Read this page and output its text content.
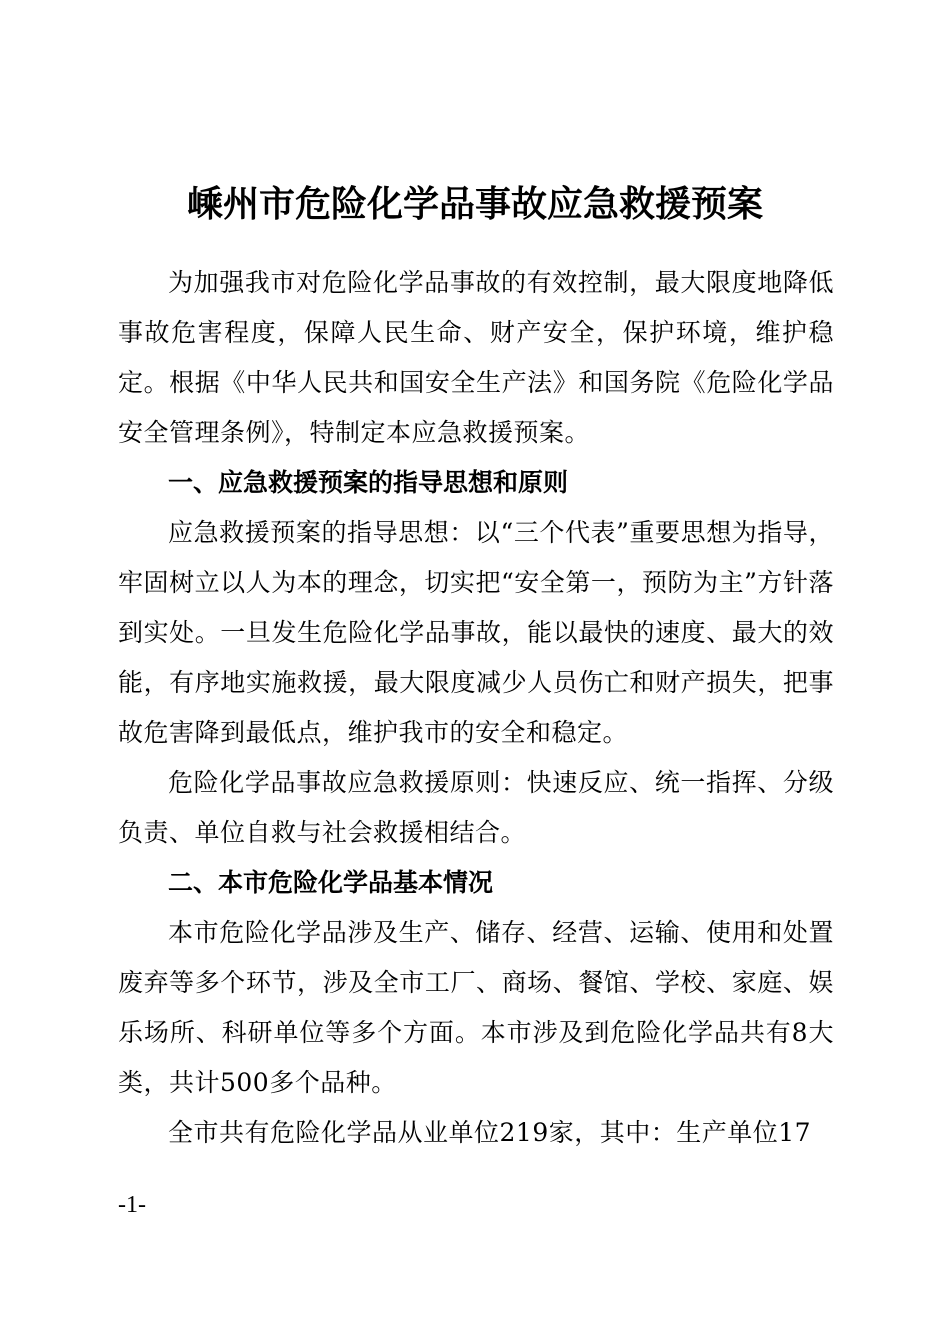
嵊州市危险化学品事故应急救援预案

为加强我市对危险化学品事故的有效控制，最大限度地降低事故危害程度，保障人民生命、财产安全，保护环境，维护稳定。根据《中华人民共和国安全生产法》和国务院《危险化学品安全管理条例》，特制定本应急救援预案。

一、应急救援预案的指导思想和原则

应急救援预案的指导思想：以“三个代表”重要思想为指导，牢固树立以人为本的理念，切实把“安全第一，预防为主”方针落到实处。一旦发生危险化学品事故，能以最快的速度、最大的效能，有序地实施救援，最大限度减少人员伤亡和财产损失，把事故危害降到最低点，维护我市的安全和稳定。

危险化学品事故应急救援原则：快速反应、统一指挥、分级负责、单位自救与社会救援相结合。

二、本市危险化学品基本情况

本市危险化学品涉及生产、储存、经营、运输、使用和处置废弃等多个环节，涉及全市工厂、商场、餐馆、学校、家庭、娱乐场所、科研单位等多个方面。本市涉及到危险化学品共有8大类，共计500多个品种。

全市共有危险化学品从业单位219家，其中：生产单位17

-1-
